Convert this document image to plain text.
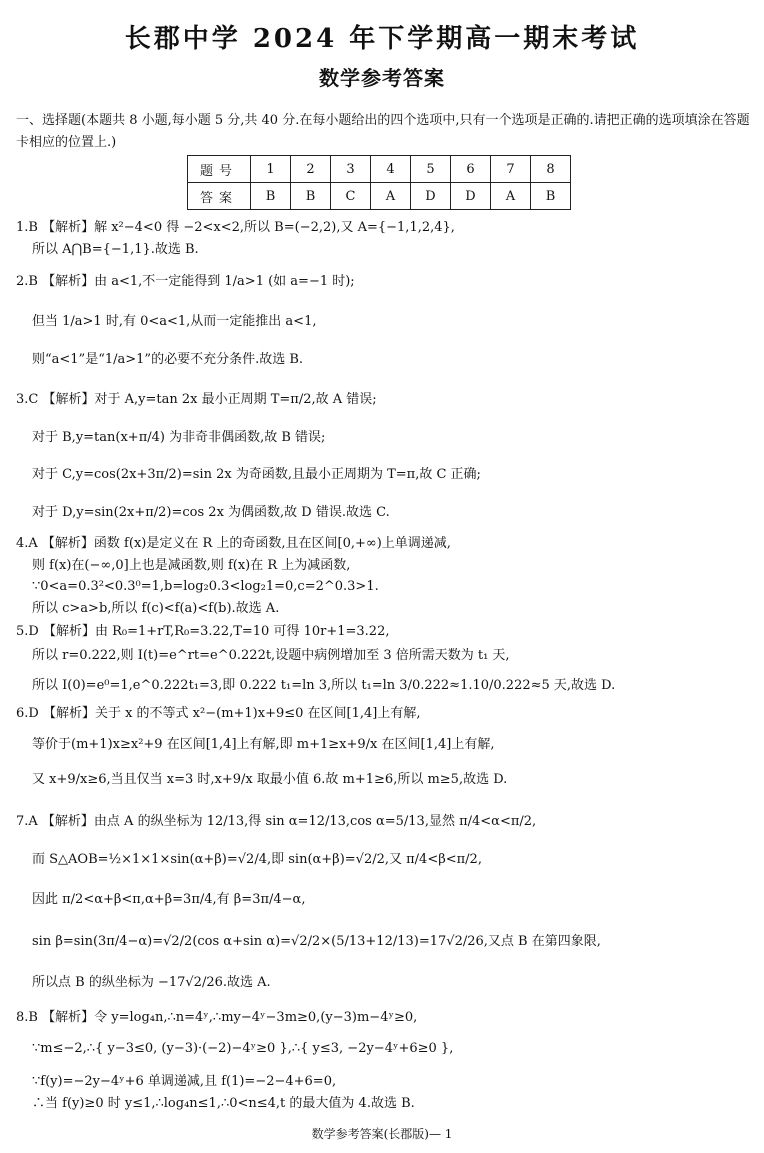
长郡中学 2024 年下学期高一期末考试
数学参考答案
一、选择题(本题共 8 小题,每小题 5 分,共 40 分.在每小题给出的四个选项中,只有一个选项是正确的.请把正确的选项填涂在答题卡相应的位置上.)
题号	1	2	3	4	5	6	7	8
答案	B	B	C	A	D	D	A	B
1.B 【解析】解 x²−4<0 得 −2<x<2,所以 B=(−2,2),又 A={−1,1,2,4},
所以 A⋂B={−1,1}.故选 B.
2.B 【解析】由 a<1,不一定能得到 1/a>1 (如 a=−1 时);
但当 1/a>1 时,有 0<a<1,从而一定能推出 a<1,
则“a<1”是“1/a>1”的必要不充分条件.故选 B.
3.C 【解析】对于 A,y=tan 2x 最小正周期 T=π/2,故 A 错误;
对于 B,y=tan(x+π/4) 为非奇非偶函数,故 B 错误;
对于 C,y=cos(2x+3π/2)=sin 2x 为奇函数,且最小正周期为 T=π,故 C 正确;
对于 D,y=sin(2x+π/2)=cos 2x 为偶函数,故 D 错误.故选 C.
4.A 【解析】函数 f(x)是定义在 R 上的奇函数,且在区间[0,+∞)上单调递减,
则 f(x)在(−∞,0]上也是减函数,则 f(x)在 R 上为减函数,
∵0<a=0.3²<0.3⁰=1,b=log₂0.3<log₂1=0,c=2^0.3>1.
所以 c>a>b,所以 f(c)<f(a)<f(b).故选 A.
5.D 【解析】由 R₀=1+rT,R₀=3.22,T=10 可得 10r+1=3.22,
所以 r=0.222,则 I(t)=e^rt=e^0.222t,设题中病例增加至 3 倍所需天数为 t₁ 天,
所以 I(0)=e⁰=1,e^0.222t₁=3,即 0.222 t₁=ln 3,所以 t₁=ln 3/0.222≈1.10/0.222≈5 天,故选 D.
6.D 【解析】关于 x 的不等式 x²−(m+1)x+9≤0 在区间[1,4]上有解,
等价于(m+1)x≥x²+9 在区间[1,4]上有解,即 m+1≥x+9/x 在区间[1,4]上有解,
又 x+9/x≥6,当且仅当 x=3 时,x+9/x 取最小值 6.故 m+1≥6,所以 m≥5,故选 D.
7.A 【解析】由点 A 的纵坐标为 12/13,得 sin α=12/13,cos α=5/13,显然 π/4<α<π/2,
而 S△AOB=½×1×1×sin(α+β)=√2/4,即 sin(α+β)=√2/2,又 π/4<β<π/2,
因此 π/2<α+β<π,α+β=3π/4,有 β=3π/4−α,
sin β=sin(3π/4−α)=√2/2(cos α+sin α)=√2/2×(5/13+12/13)=17√2/26,又点 B 在第四象限,
所以点 B 的纵坐标为 −17√2/26.故选 A.
8.B 【解析】令 y=log₄n,∴n=4ʸ,∴my−4ʸ−3m≥0,(y−3)m−4ʸ≥0,
∵m≤−2,∴{ y−3≤0, (y−3)·(−2)−4ʸ≥0 },∴{ y≤3, −2y−4ʸ+6≥0 },
∵f(y)=−2y−4ʸ+6 单调递减,且 f(1)=−2−4+6=0,
∴当 f(y)≥0 时 y≤1,∴log₄n≤1,∴0<n≤4,t 的最大值为 4.故选 B.
数学参考答案(长郡版)— 1
